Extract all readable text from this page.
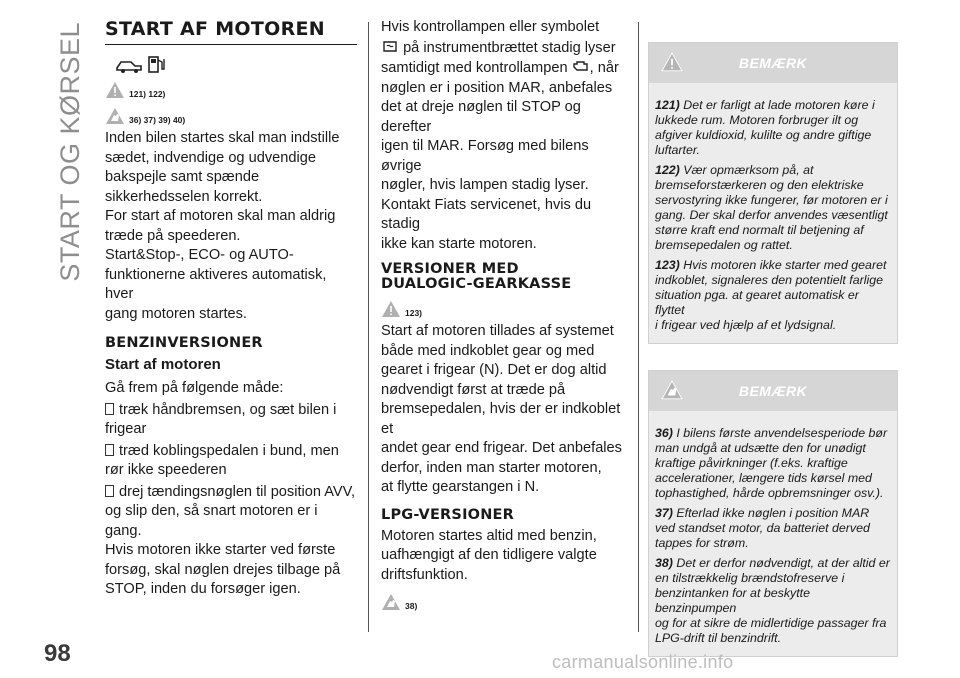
START OG KØRSEL
98
START AF MOTOREN
121) 122)
36) 37) 39) 40)

Inden bilen startes skal man indstille

sædet, indvendige og udvendige

bakspejle samt spænde

sikkerhedsselen korrekt.

For start af motoren skal man aldrig

træde på speederen.

Start&Stop-, ECO- og AUTO-

funktionerne aktiveres automatisk, hver

gang motoren startes.

BENZINVERSIONER
Start af motoren

Gå frem på følgende måde:

træk håndbremsen, og sæt bilen i
frigear
træd koblingspedalen i bund, men
rør ikke speederen
drej tændingsnøglen til position AVV,
og slip den, så snart motoren er i gang.

Hvis motoren ikke starter ved første

forsøg, skal nøglen drejes tilbage på

STOP, inden du forsøger igen.

Hvis kontrollampen eller symbolet

på instrumentbrættet stadig lyser

samtidigt med kontrollampen , når

nøglen er i position MAR, anbefales

det at dreje nøglen til STOP og derefter

igen til MAR. Forsøg med bilens øvrige

nøgler, hvis lampen stadig lyser.

Kontakt Fiats servicenet, hvis du stadig

ikke kan starte motoren.

VERSIONER MED
DUALOGIC-GEARKASSE
123)

Start af motoren tillades af systemet

både med indkoblet gear og med

gearet i frigear (N). Det er dog altid

nødvendigt først at træde på

bremsepedalen, hvis der er indkoblet et

andet gear end frigear. Det anbefales

derfor, inden man starter motoren,

at flytte gearstangen i N.

LPG-VERSIONER

Motoren startes altid med benzin,

uafhængigt af den tidligere valgte

driftsfunktion.

38)
BEMÆRK
121) Det er farligt at lade motoren køre i
lukkede rum. Motoren forbruger ilt og
afgiver kuldioxid, kulilte og andre giftige
luftarter.
122) Vær opmærksom på, at
bremseforstærkeren og den elektriske
servostyring ikke fungerer, før motoren er i
gang. Der skal derfor anvendes væsentligt
større kraft end normalt til betjening af
bremsepedalen og rattet.
123) Hvis motoren ikke starter med gearet
indkoblet, signaleres den potentielt farlige
situation pga. at gearet automatisk er flyttet
i frigear ved hjælp af et lydsignal.
BEMÆRK
36) I bilens første anvendelsesperiode bør
man undgå at udsætte den for unødigt
kraftige påvirkninger (f.eks. kraftige
accelerationer, længere tids kørsel med
tophastighed, hårde opbremsninger osv.).
37) Efterlad ikke nøglen i position MAR
ved standset motor, da batteriet derved
tappes for strøm.
38) Det er derfor nødvendigt, at der altid er
en tilstrækkelig brændstofreserve i
benzintanken for at beskytte benzinpumpen
og for at sikre de midlertidige passager fra
LPG-drift til benzindrift.
carmanualsonline.info
